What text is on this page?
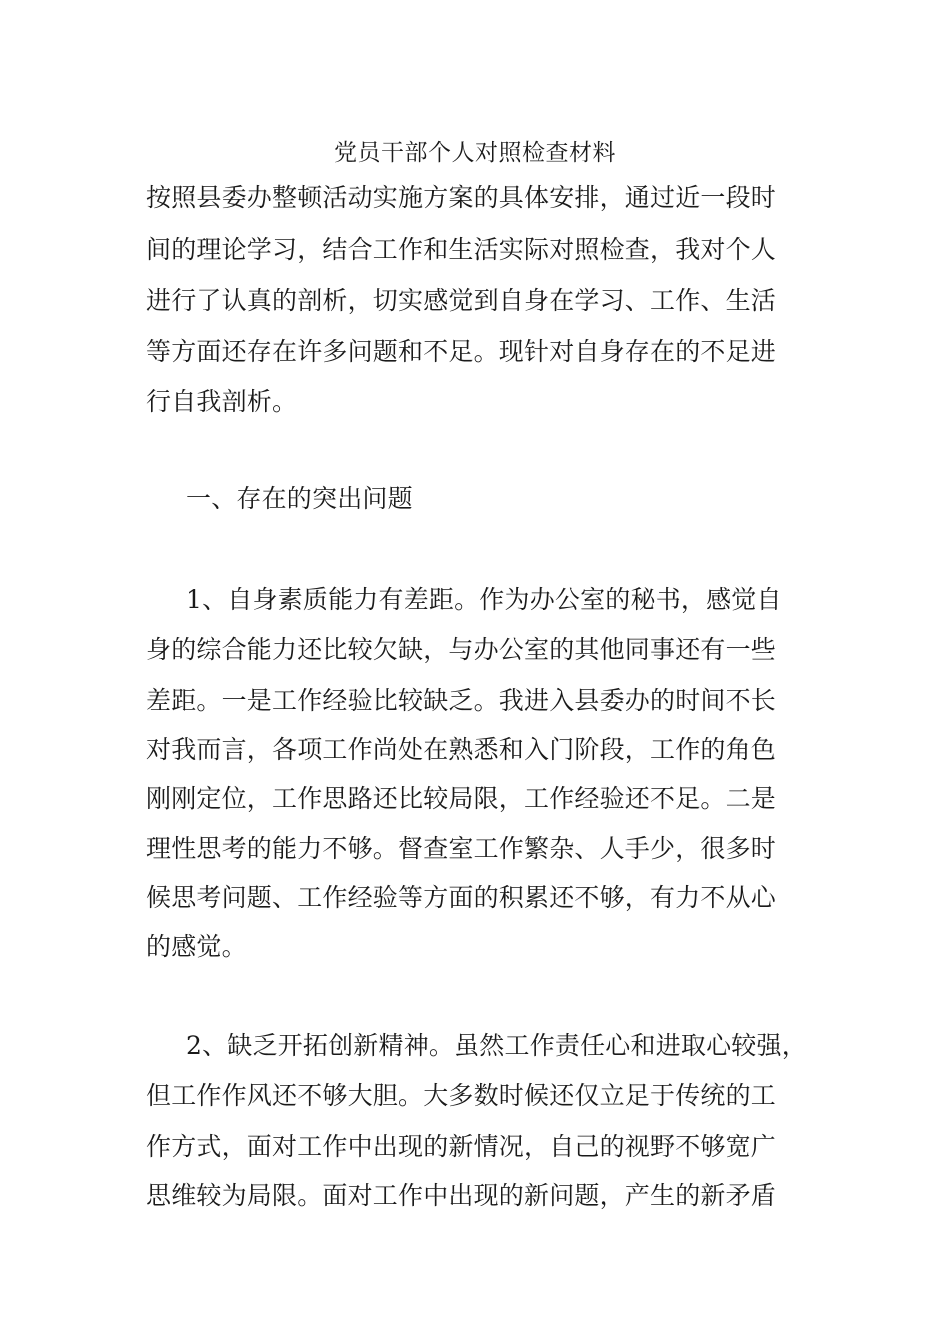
党员干部个人对照检查材料
按照县委办整顿活动实施方案的具体安排，通过近一段时
间的理论学习，结合工作和生活实际对照检查，我对个人
进行了认真的剖析，切实感觉到自身在学习、工作、生活
等方面还存在许多问题和不足。现针对自身存在的不足进
行自我剖析。
一、存在的突出问题
1、自身素质能力有差距。作为办公室的秘书，感觉自
身的综合能力还比较欠缺，与办公室的其他同事还有一些
差距。一是工作经验比较缺乏。我进入县委办的时间不长
对我而言，各项工作尚处在熟悉和入门阶段，工作的角色
刚刚定位，工作思路还比较局限，工作经验还不足。二是
理性思考的能力不够。督查室工作繁杂、人手少，很多时
候思考问题、工作经验等方面的积累还不够，有力不从心
的感觉。
2、缺乏开拓创新精神。虽然工作责任心和进取心较强，
但工作作风还不够大胆。大多数时候还仅立足于传统的工
作方式，面对工作中出现的新情况，自己的视野不够宽广
思维较为局限。面对工作中出现的新问题，产生的新矛盾
